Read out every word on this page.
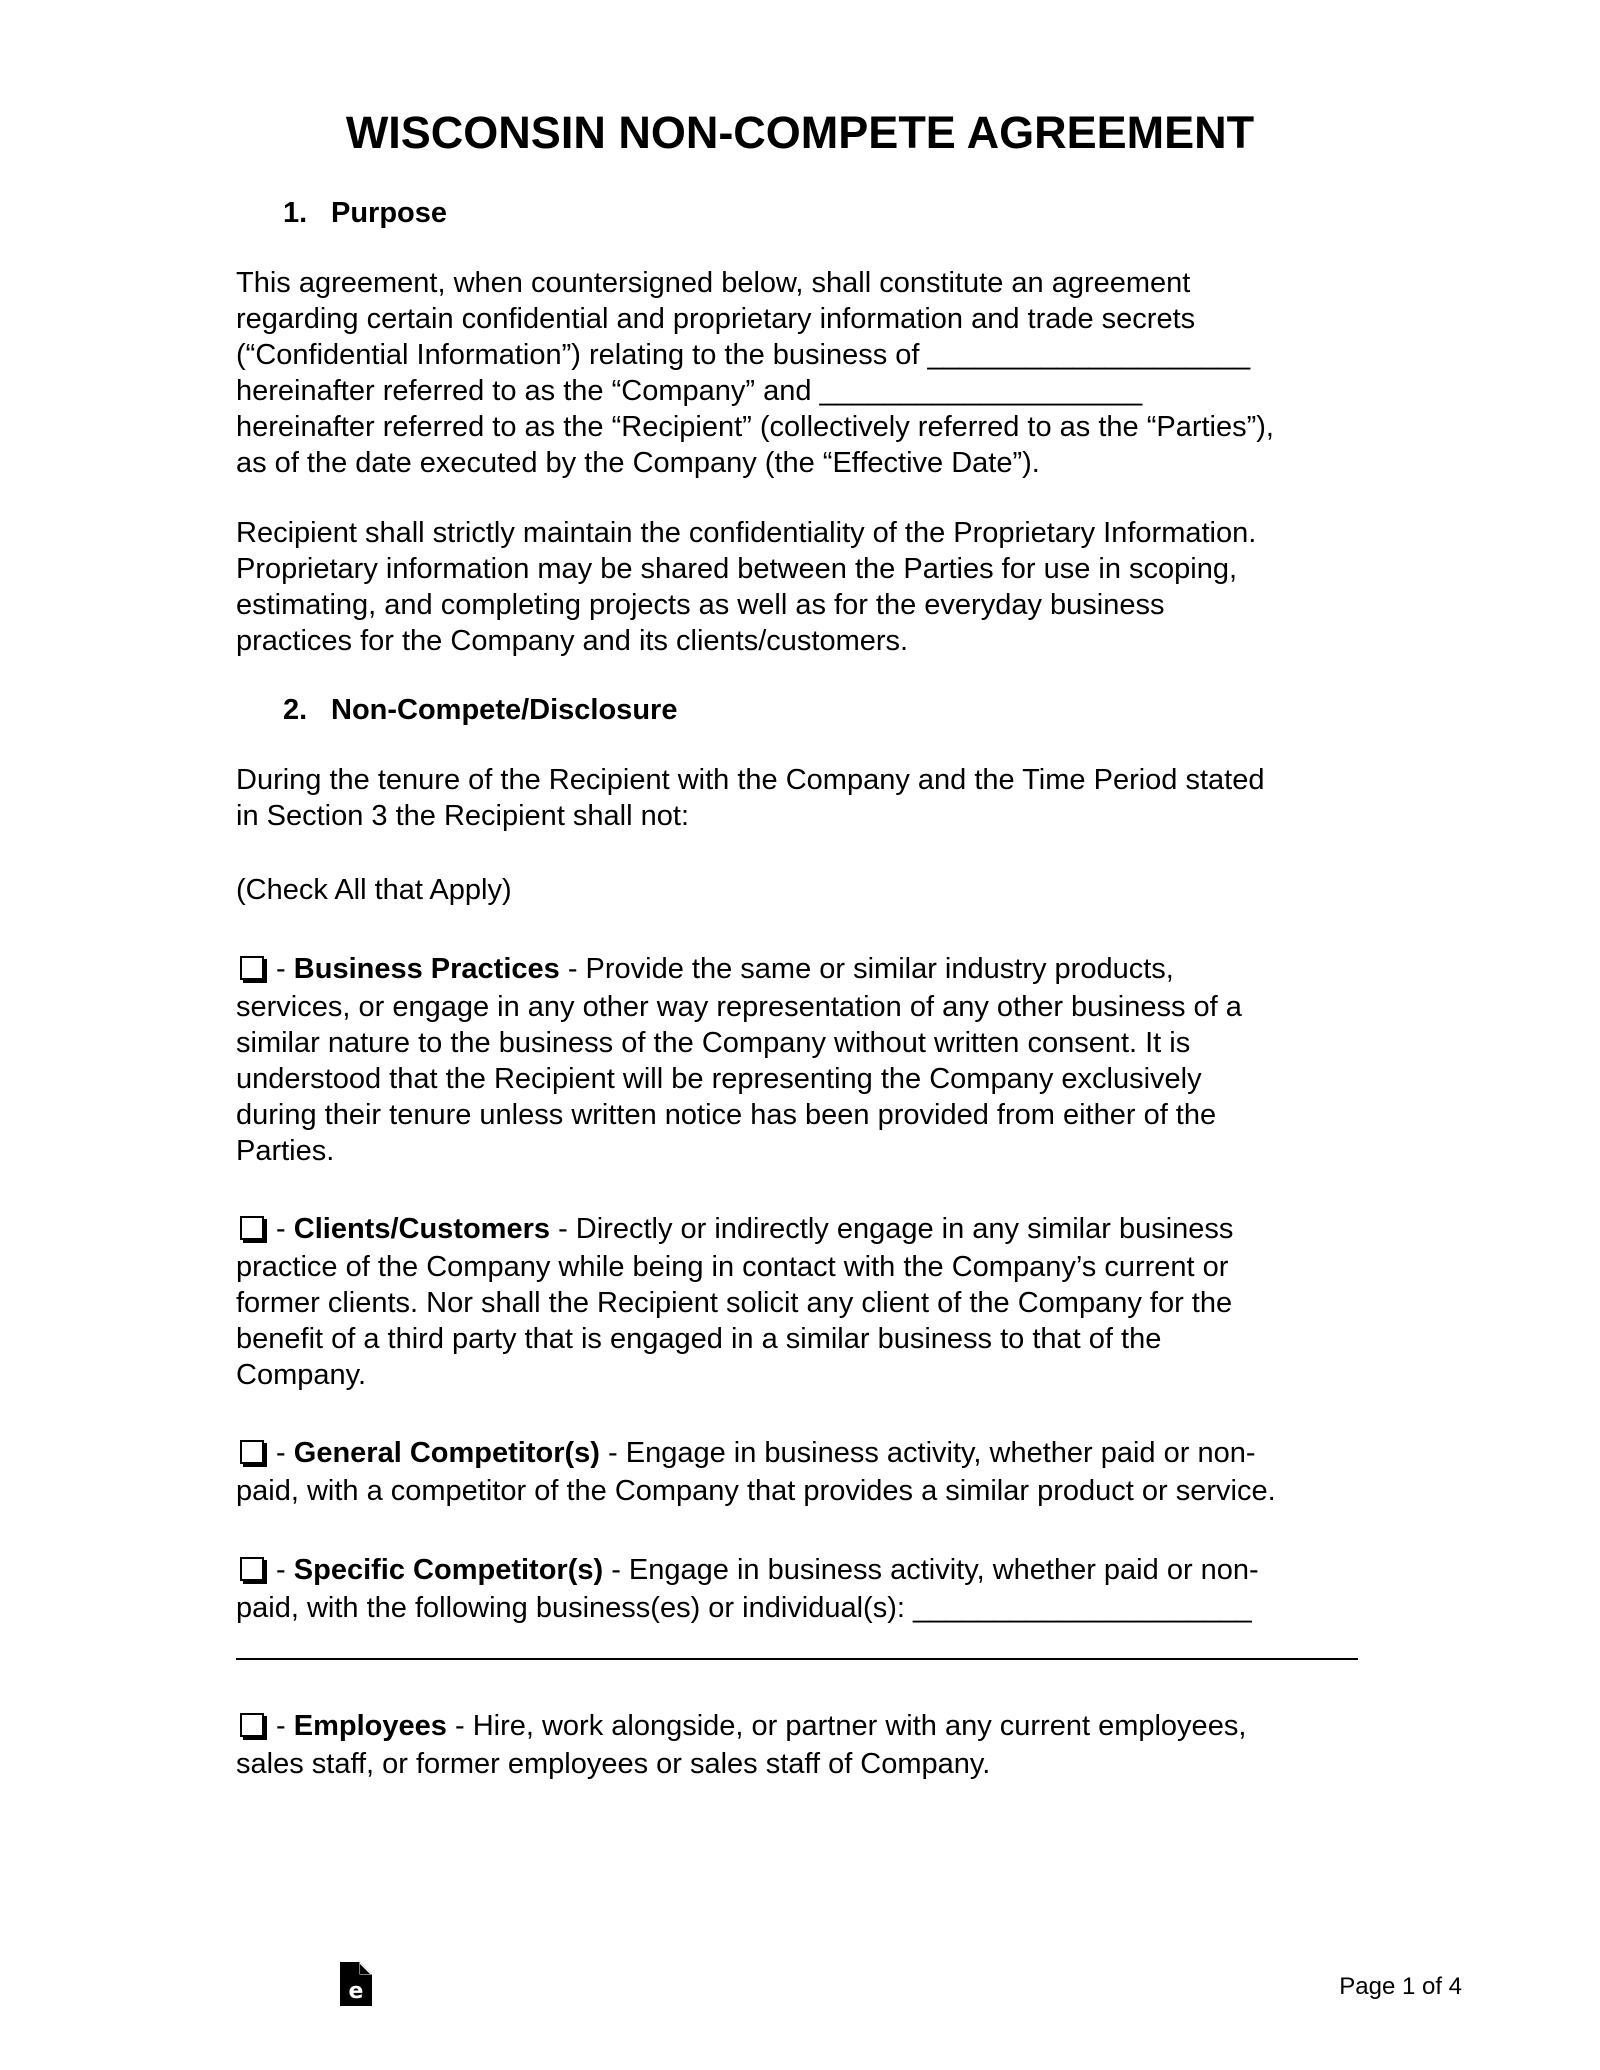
WISCONSIN NON-COMPETE AGREEMENT
1. Purpose
This agreement, when countersigned below, shall constitute an agreement
regarding certain confidential and proprietary information and trade secrets
(“Confidential Information”) relating to the business of ____________________
hereinafter referred to as the “Company” and ____________________
hereinafter referred to as the “Recipient” (collectively referred to as the “Parties”),
as of the date executed by the Company (the “Effective Date”).
Recipient shall strictly maintain the confidentiality of the Proprietary Information.
Proprietary information may be shared between the Parties for use in scoping,
estimating, and completing projects as well as for the everyday business
practices for the Company and its clients/customers.
2. Non-Compete/Disclosure
During the tenure of the Recipient with the Company and the Time Period stated
in Section 3 the Recipient shall not:
(Check All that Apply)
- Business Practices - Provide the same or similar industry products,
services, or engage in any other way representation of any other business of a
similar nature to the business of the Company without written consent. It is
understood that the Recipient will be representing the Company exclusively
during their tenure unless written notice has been provided from either of the
Parties.
- Clients/Customers - Directly or indirectly engage in any similar business
practice of the Company while being in contact with the Company’s current or
former clients. Nor shall the Recipient solicit any client of the Company for the
benefit of a third party that is engaged in a similar business to that of the
Company.
- General Competitor(s) - Engage in business activity, whether paid or non-
paid, with a competitor of the Company that provides a similar product or service.
- Specific Competitor(s) - Engage in business activity, whether paid or non-
paid, with the following business(es) or individual(s): _____________________
- Employees - Hire, work alongside, or partner with any current employees,
sales staff, or former employees or sales staff of Company.
e	Page 1 of 4
